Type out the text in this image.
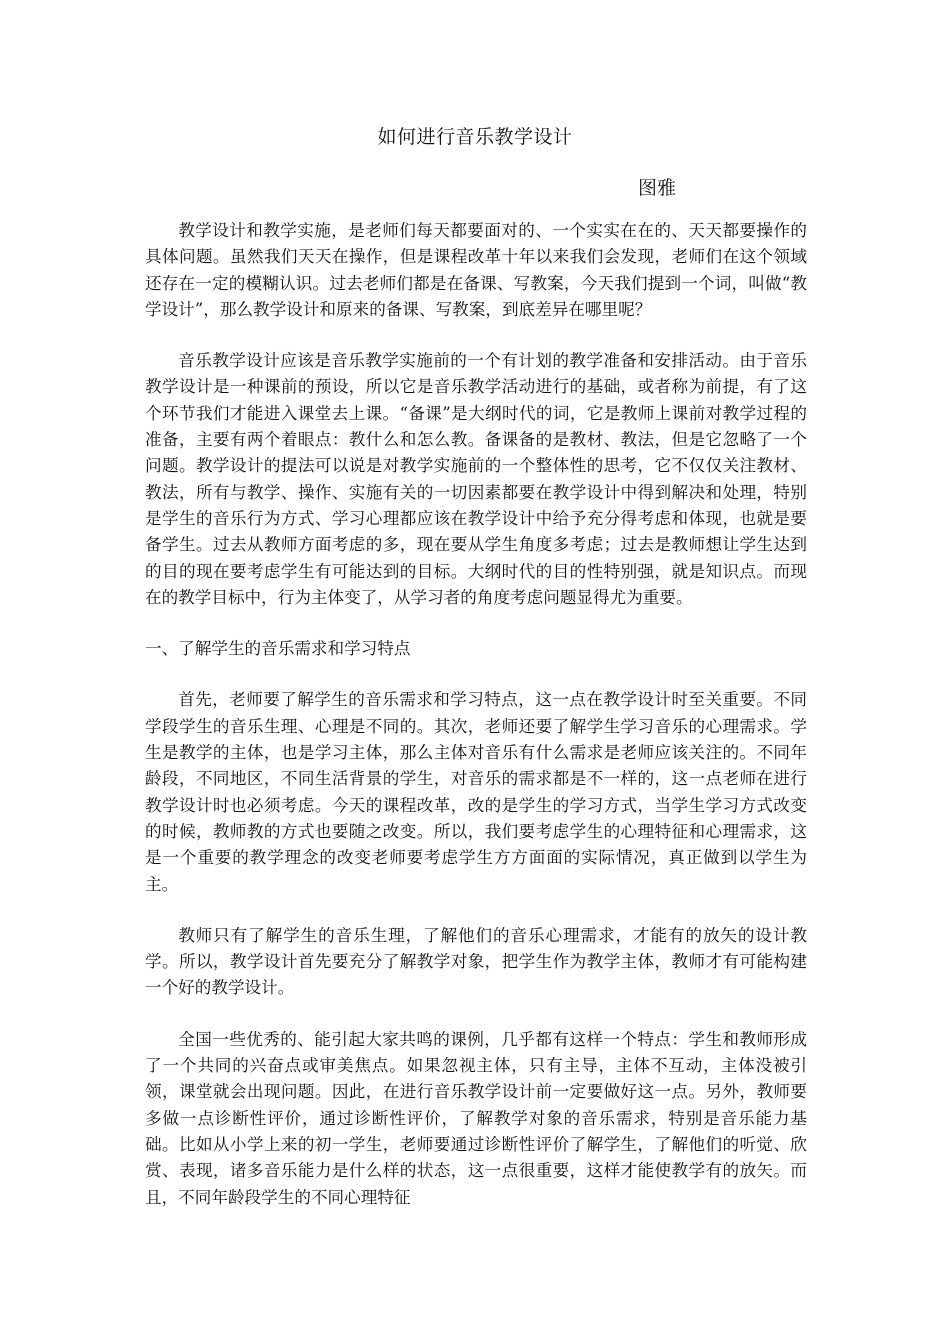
如何进行音乐教学设计
图雅

教学设计和教学实施，是老师们每天都要面对的、一个实实在在的、天天都要操作的具体问题。虽然我们天天在操作，但是课程改革十年以来我们会发现，老师们在这个领域还存在一定的模糊认识。过去老师们都是在备课、写教案，今天我们提到一个词，叫做“教学设计”，那么教学设计和原来的备课、写教案，到底差异在哪里呢？

音乐教学设计应该是音乐教学实施前的一个有计划的教学准备和安排活动。由于音乐教学设计是一种课前的预设，所以它是音乐教学活动进行的基础，或者称为前提，有了这个环节我们才能进入课堂去上课。“备课”是大纲时代的词，它是教师上课前对教学过程的准备，主要有两个着眼点：教什么和怎么教。备课备的是教材、教法，但是它忽略了一个问题。教学设计的提法可以说是对教学实施前的一个整体性的思考，它不仅仅关注教材、教法，所有与教学、操作、实施有关的一切因素都要在教学设计中得到解决和处理，特别是学生的音乐行为方式、学习心理都应该在教学设计中给予充分得考虑和体现，也就是要备学生。过去从教师方面考虑的多，现在要从学生角度多考虑；过去是教师想让学生达到的目的现在要考虑学生有可能达到的目标。大纲时代的目的性特别强，就是知识点。而现在的教学目标中，行为主体变了，从学习者的角度考虑问题显得尤为重要。

一、了解学生的音乐需求和学习特点

首先，老师要了解学生的音乐需求和学习特点，这一点在教学设计时至关重要。不同学段学生的音乐生理、心理是不同的。其次，老师还要了解学生学习音乐的心理需求。学生是教学的主体，也是学习主体，那么主体对音乐有什么需求是老师应该关注的。不同年龄段，不同地区，不同生活背景的学生，对音乐的需求都是不一样的，这一点老师在进行教学设计时也必须考虑。今天的课程改革，改的是学生的学习方式，当学生学习方式改变的时候，教师教的方式也要随之改变。所以，我们要考虑学生的心理特征和心理需求，这是一个重要的教学理念的改变老师要考虑学生方方面面的实际情况，真正做到以学生为主。

教师只有了解学生的音乐生理，了解他们的音乐心理需求，才能有的放矢的设计教学。所以，教学设计首先要充分了解教学对象，把学生作为教学主体，教师才有可能构建一个好的教学设计。

全国一些优秀的、能引起大家共鸣的课例，几乎都有这样一个特点：学生和教师形成了一个共同的兴奋点或审美焦点。如果忽视主体，只有主导，主体不互动，主体没被引领，课堂就会出现问题。因此，在进行音乐教学设计前一定要做好这一点。另外，教师要多做一点诊断性评价，通过诊断性评价，了解教学对象的音乐需求，特别是音乐能力基础。比如从小学上来的初一学生，老师要通过诊断性评价了解学生，了解他们的听觉、欣赏、表现，诸多音乐能力是什么样的状态，这一点很重要，这样才能使教学有的放矢。而且，不同年龄段学生的不同心理特征
